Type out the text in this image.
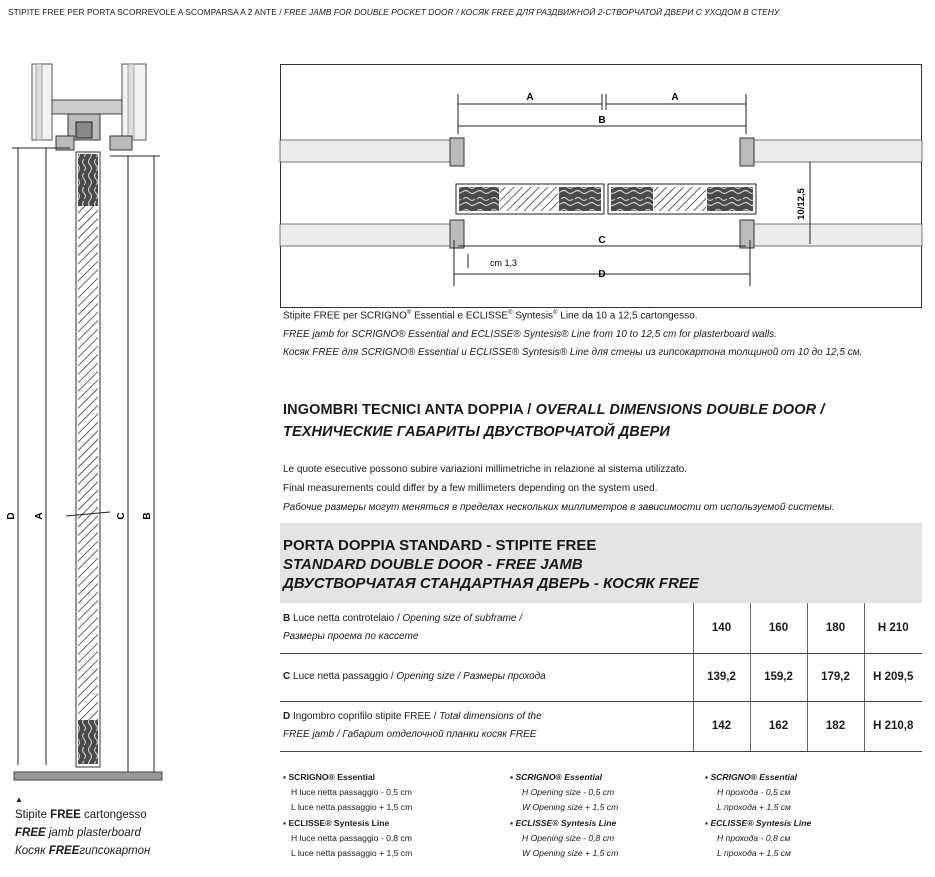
STIPITE FREE PER PORTA SCORREVOLE A SCOMPARSA A 2 ANTE / FREE JAMB FOR DOUBLE POCKET DOOR / КОСЯК FREE ДЛЯ РАЗДВИЖНОЙ 2-СТВОРЧАТОЙ ДВЕРИ С УХОДОМ В СТЕНУ
A	A
B
C
D
cm 1,3
10/12,5
Stipite FREE per SCRIGNO® Essential e ECLISSE® Syntesis® Line da 10 a 12,5 cartongesso.
FREE jamb for SCRIGNO® Essential and ECLISSE® Syntesis® Line from 10 to 12,5 cm for plasterboard walls.
Косяк FREE для SCRIGNO® Essential и ECLISSE® Syntesis® Line для стены из гипсокартона толщиной от 10 до 12,5 см.
INGOMBRI TECNICI ANTA DOPPIA / OVERALL DIMENSIONS DOUBLE DOOR /
ТЕХНИЧЕСКИЕ ГАБАРИТЫ ДВУСТВОРЧАТОЙ ДВЕРИ
Le quote esecutive possono subire variazioni millimetriche in relazione al sistema utilizzato.
Final measurements could differ by a few millimeters depending on the system used.
Рабочие размеры могут меняться в пределах нескольких миллиметров в зависимости от используемой системы.
PORTA DOPPIA STANDARD - STIPITE FREE
STANDARD DOUBLE DOOR - FREE JAMB
ДВУСТВОРЧАТАЯ СТАНДАРТНАЯ ДВЕРЬ - КОСЯК FREE
B Luce netta controtelaio / Opening size of subframe /
Размеры проема по кассете	140	160	180	H 210
C Luce netta passaggio / Opening size / Размеры прохода	139,2	159,2	179,2	H 209,5
D Ingombro coprifilo stipite FREE / Total dimensions of the
FREE jamb / Габарит отделочной планки косяк FREE	142	162	182	H 210,8
▪ SCRIGNO® Essential
H luce netta passaggio - 0,5 cm
L luce netta passaggio + 1,5 cm
▪ ECLISSE® Syntesis Line
H luce netta passaggio - 0,8 cm
L luce netta passaggio + 1,5 cm
▪ SCRIGNO® Essential
H Opening size - 0,5 cm
W Opening size + 1,5 cm
▪ ECLISSE® Syntesis Line
H Opening size - 0,8 cm
W Opening size + 1,5 cm
▪ SCRIGNO® Essential
H прохода - 0,5 см
L прохода + 1,5 см
▪ ECLISSE® Syntesis Line
H прохода - 0,8 см
L прохода + 1,5 см
D A	C B
▲
Stipite FREE cartongesso
FREE jamb plasterboard
Косяк FREEгипсокартон
